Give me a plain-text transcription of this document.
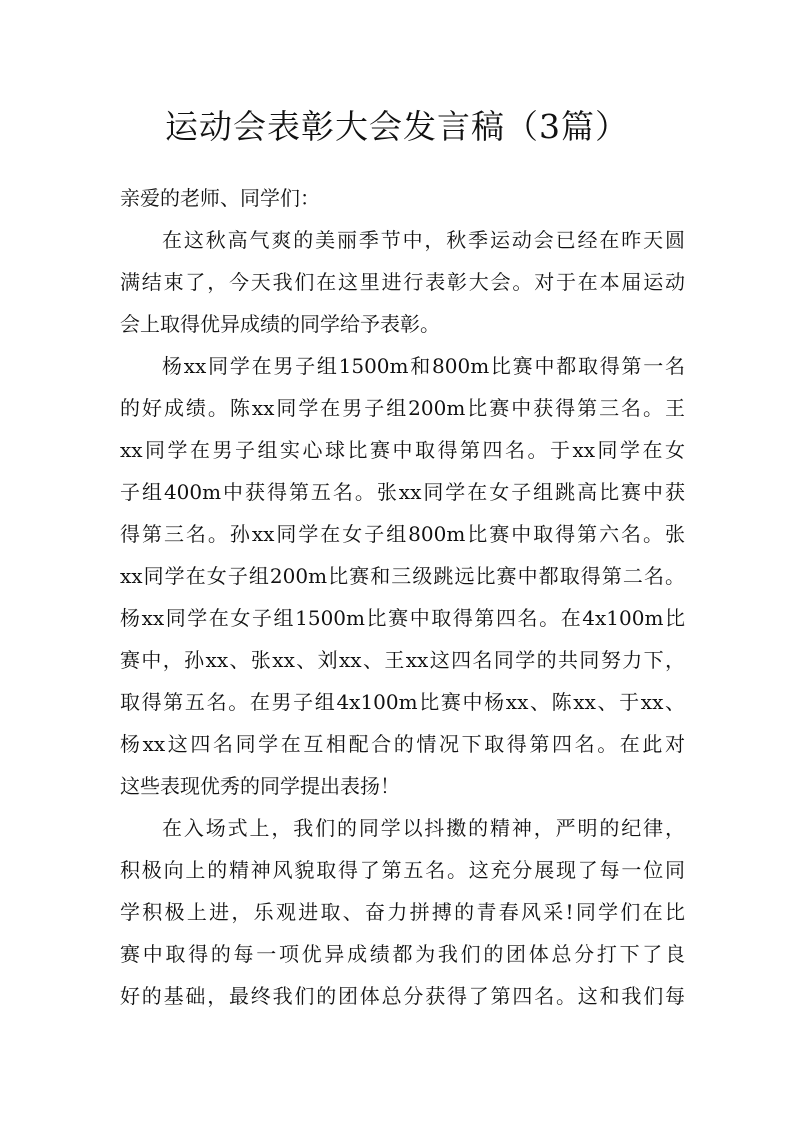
运动会表彰大会发言稿（3篇）

亲爱的老师、同学们：

在这秋高气爽的美丽季节中，秋季运动会已经在昨天圆
满结束了，今天我们在这里进行表彰大会。对于在本届运动
会上取得优异成绩的同学给予表彰。

杨xx同学在男子组1500m和800m比赛中都取得第一名
的好成绩。陈xx同学在男子组200m比赛中获得第三名。王
xx同学在男子组实心球比赛中取得第四名。于xx同学在女
子组400m中获得第五名。张xx同学在女子组跳高比赛中获
得第三名。孙xx同学在女子组800m比赛中取得第六名。张
xx同学在女子组200m比赛和三级跳远比赛中都取得第二名。
杨xx同学在女子组1500m比赛中取得第四名。在4x100m比
赛中，孙xx、张xx、刘xx、王xx这四名同学的共同努力下，
取得第五名。在男子组4x100m比赛中杨xx、陈xx、于xx、
杨xx这四名同学在互相配合的情况下取得第四名。在此对
这些表现优秀的同学提出表扬！

在入场式上，我们的同学以抖擞的精神，严明的纪律，
积极向上的精神风貌取得了第五名。这充分展现了每一位同
学积极上进，乐观进取、奋力拼搏的青春风采!同学们在比
赛中取得的每一项优异成绩都为我们的团体总分打下了良
好的基础，最终我们的团体总分获得了第四名。这和我们每
